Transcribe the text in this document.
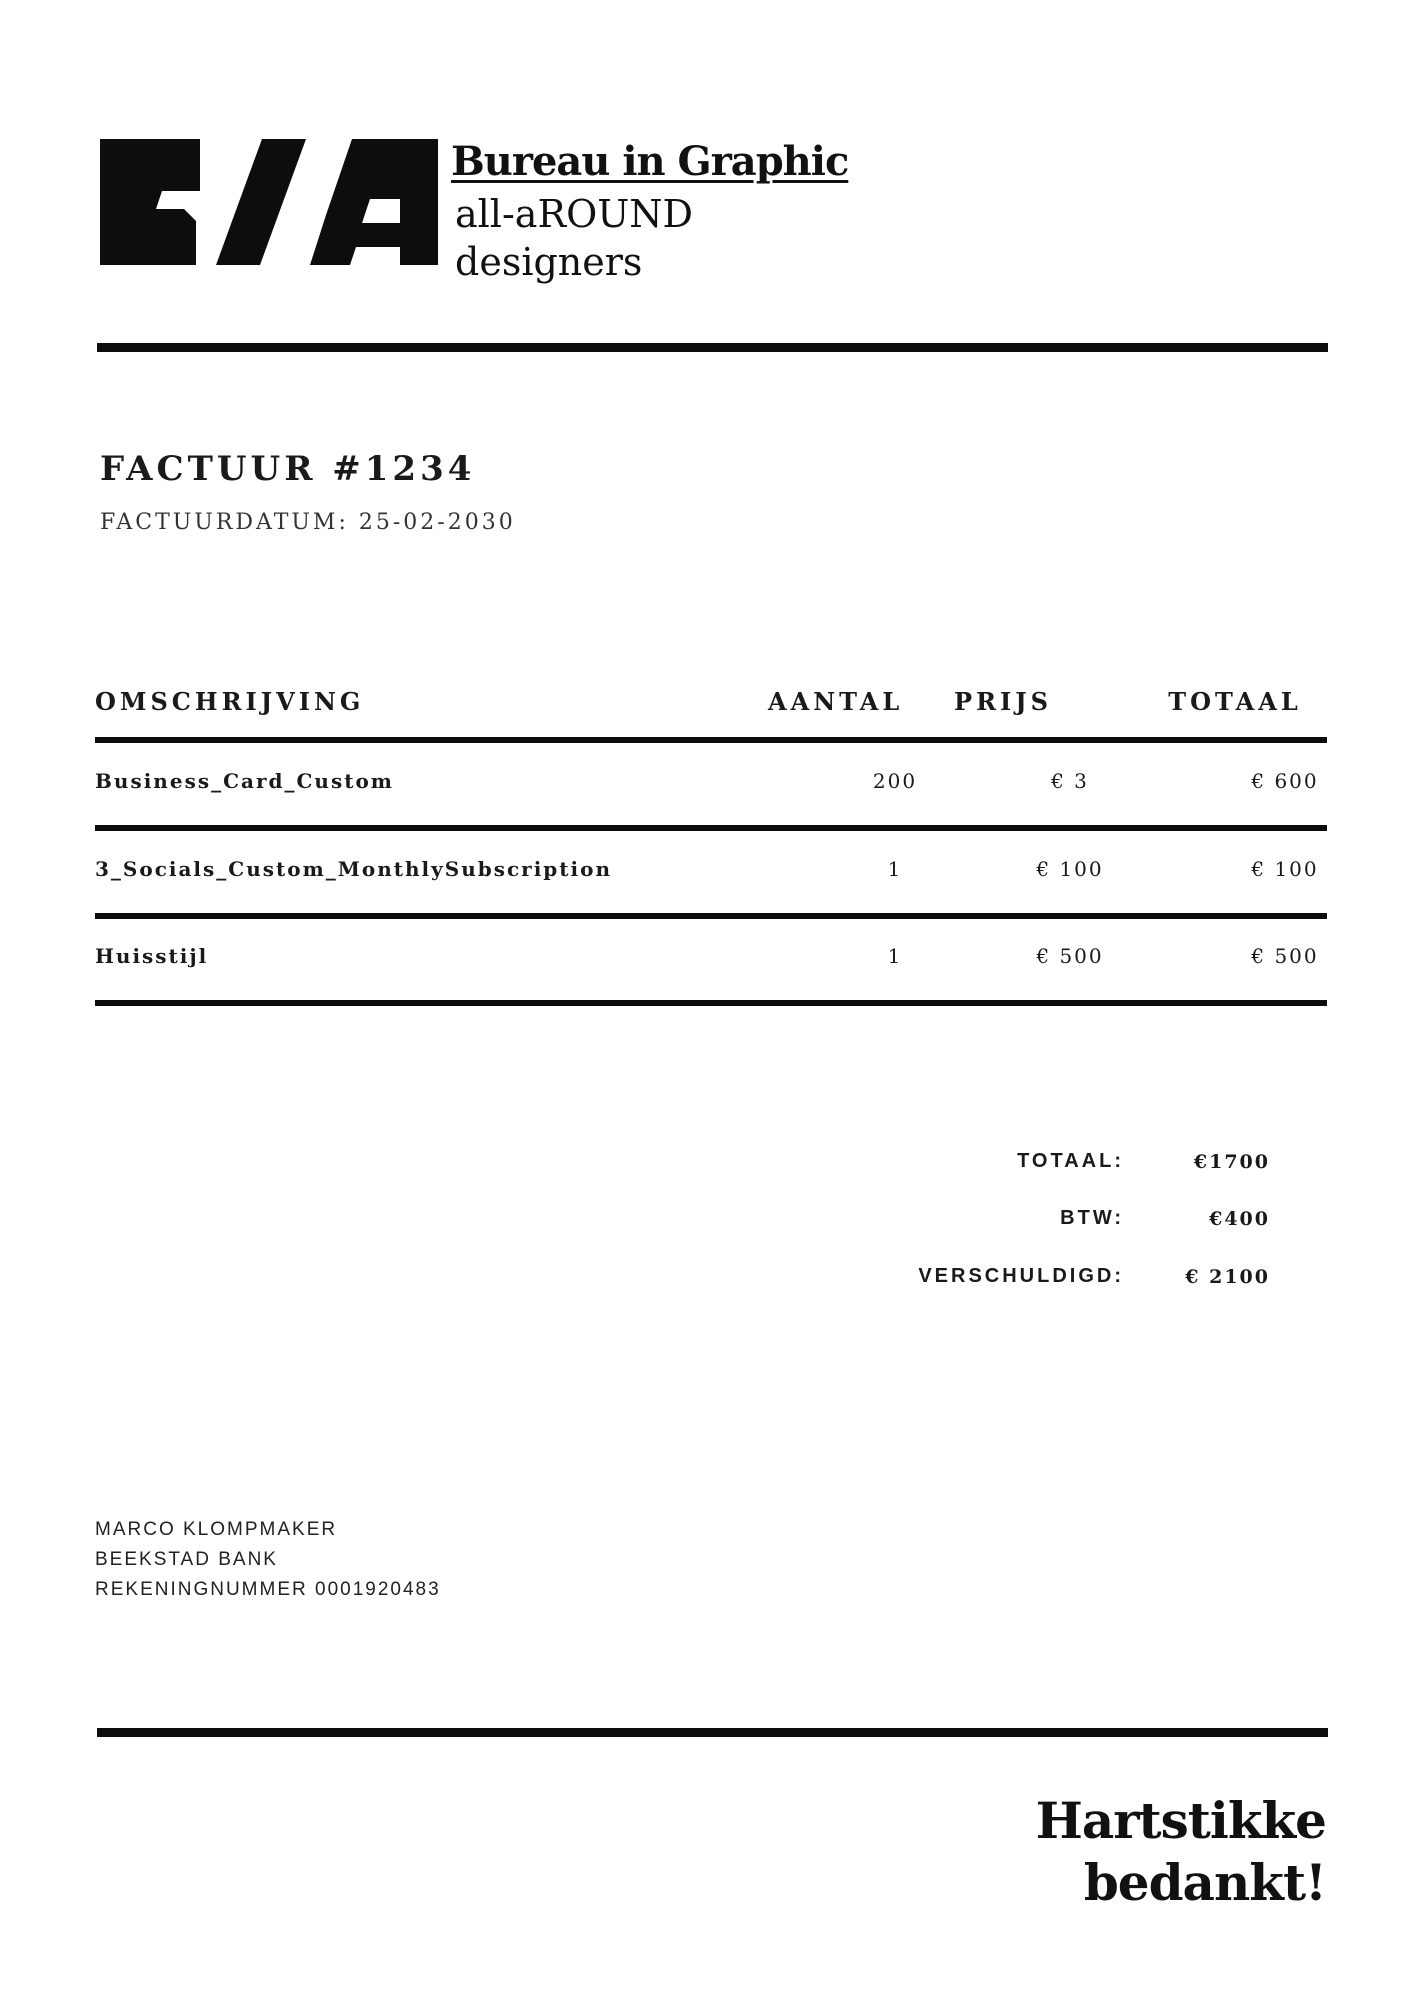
Bureau in Graphic
all-aROUND
designers
FACTUUR #1234
FACTUURDATUM: 25-02-2030
OMSCHRIJVING	AANTAL	PRIJS	TOTAAL
Business_Card_Custom	200	€ 3	€ 600
3_Socials_Custom_MonthlySubscription	1	€ 100	€ 100
Huisstijl	1	€ 500	€ 500
TOTAAL:	€1700
BTW:	€400
VERSCHULDIGD:	€ 2100
MARCO KLOMPMAKER
BEEKSTAD BANK
REKENINGNUMMER 0001920483
Hartstikke
bedankt!
